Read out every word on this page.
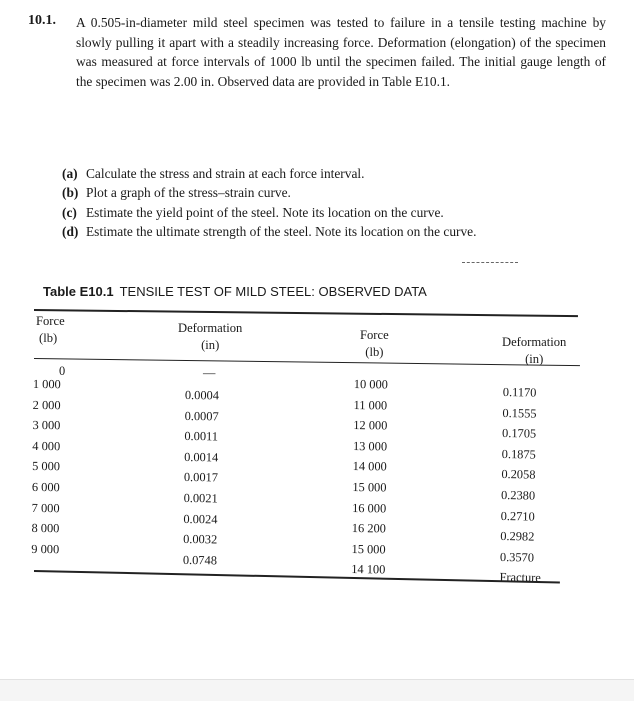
10.1. A 0.505-in-diameter mild steel specimen was tested to failure in a tensile testing machine by slowly pulling it apart with a steadily increasing force. Deformation (elongation) of the specimen was measured at force intervals of 1000 lb until the specimen failed. The initial gauge length of the specimen was 2.00 in. Observed data are provided in Table E10.1.
(a) Calculate the stress and strain at each force interval.
(b) Plot a graph of the stress–strain curve.
(c) Estimate the yield point of the steel. Note its location on the curve.
(d) Estimate the ultimate strength of the steel. Note its location on the curve.
Table E10.1 TENSILE TEST OF MILD STEEL: OBSERVED DATA
Force
(lb)
Deformation
(in)
Force
(lb)
Deformation
(in)
0	—
1 000
2 000
3 000
4 000
5 000
6 000
7 000
8 000
9 000
0.0004
0.0007
0.0011
0.0014
0.0017
0.0021
0.0024
0.0032
0.0748
10 000
11 000
12 000
13 000
14 000
15 000
16 000
16 200
15 000
14 100
0.1170
0.1555
0.1705
0.1875
0.2058
0.2380
0.2710
0.2982
0.3570
Fracture
